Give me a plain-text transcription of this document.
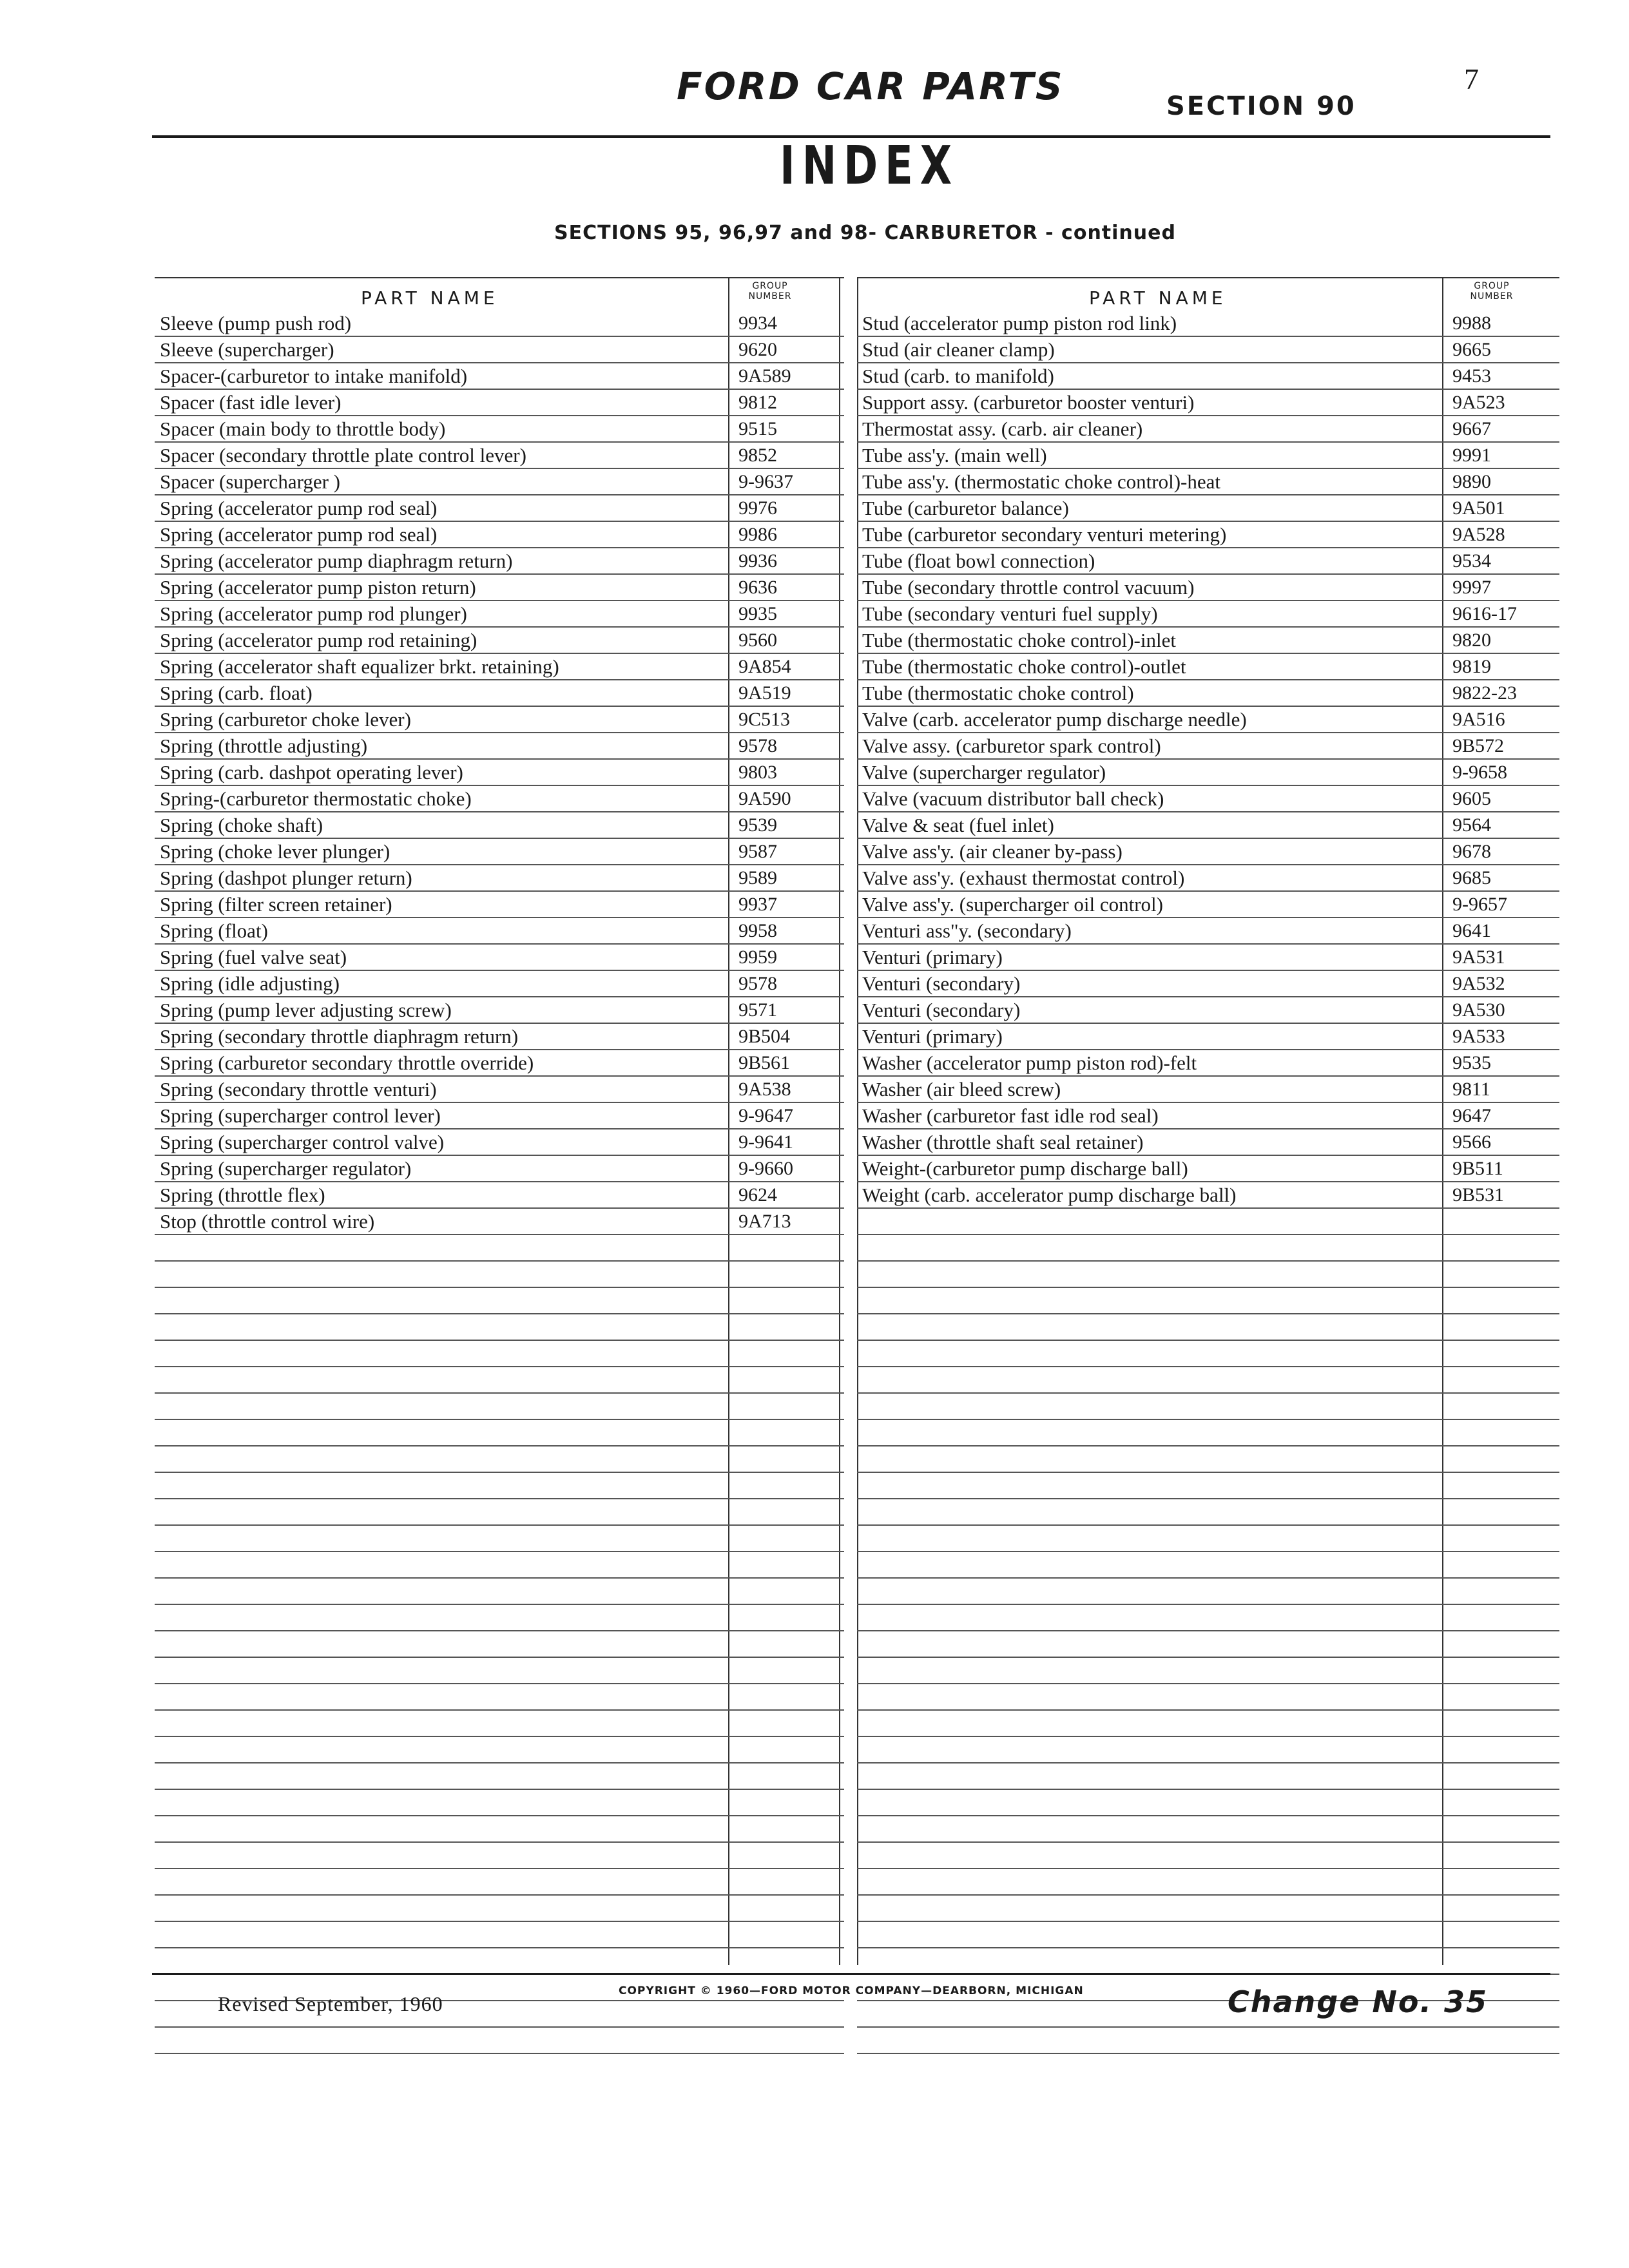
FORD CAR PARTS	SECTION 90
7
INDEX
SECTIONS 95, 96,97 and 98- CARBURETOR - continued
PART NAME
GROUP
NUMBER
Sleeve (pump push rod)	9934
Sleeve (supercharger)	9620
Spacer-(carburetor to intake manifold)	9A589
Spacer (fast idle lever)	9812
Spacer (main body to throttle body)	9515
Spacer (secondary throttle plate control lever)	9852
Spacer (supercharger )	9-9637
Spring (accelerator pump rod seal)	9976
Spring (accelerator pump rod seal)	9986
Spring (accelerator pump diaphragm return)	9936
Spring (accelerator pump piston return)	9636
Spring (accelerator pump rod plunger)	9935
Spring (accelerator pump rod retaining)	9560
Spring (accelerator shaft equalizer brkt. retaining)	9A854
Spring (carb. float)	9A519
Spring (carburetor choke lever)	9C513
Spring (throttle adjusting)	9578
Spring (carb. dashpot operating lever)	9803
Spring-(carburetor thermostatic choke)	9A590
Spring (choke shaft)	9539
Spring (choke lever plunger)	9587
Spring (dashpot plunger return)	9589
Spring (filter screen retainer)	9937
Spring (float)	9958
Spring (fuel valve seat)	9959
Spring (idle adjusting)	9578
Spring (pump lever adjusting screw)	9571
Spring (secondary throttle diaphragm return)	9B504
Spring (carburetor secondary throttle override)	9B561
Spring (secondary throttle venturi)	9A538
Spring (supercharger control lever)	9-9647
Spring (supercharger control valve)	9-9641
Spring (supercharger regulator)	9-9660
Spring (throttle flex)	9624
Stop (throttle control wire)	9A713
PART NAME
GROUP
NUMBER
Stud (accelerator pump piston rod link)	9988
Stud (air cleaner clamp)	9665
Stud (carb. to manifold)	9453
Support assy. (carburetor booster venturi)	9A523
Thermostat assy. (carb. air cleaner)	9667
Tube ass'y. (main well)	9991
Tube ass'y. (thermostatic choke control)-heat	9890
Tube (carburetor balance)	9A501
Tube (carburetor secondary venturi metering)	9A528
Tube (float bowl connection)	9534
Tube (secondary throttle control vacuum)	9997
Tube (secondary venturi fuel supply)	9616-17
Tube (thermostatic choke control)-inlet	9820
Tube (thermostatic choke control)-outlet	9819
Tube (thermostatic choke control)	9822-23
Valve (carb. accelerator pump discharge needle)	9A516
Valve assy. (carburetor spark control)	9B572
Valve (supercharger regulator)	9-9658
Valve (vacuum distributor ball check)	9605
Valve & seat (fuel inlet)	9564
Valve ass'y. (air cleaner by-pass)	9678
Valve ass'y. (exhaust thermostat control)	9685
Valve ass'y. (supercharger oil control)	9-9657
Venturi ass"y. (secondary)	9641
Venturi (primary)	9A531
Venturi (secondary)	9A532
Venturi (secondary)	9A530
Venturi (primary)	9A533
Washer (accelerator pump piston rod)-felt	9535
Washer (air bleed screw)	9811
Washer (carburetor fast idle rod seal)	9647
Washer (throttle shaft seal retainer)	9566
Weight-(carburetor pump discharge ball)	9B511
Weight (carb. accelerator pump discharge ball)	9B531
Revised September, 1960
COPYRIGHT © 1960—FORD MOTOR COMPANY—DEARBORN, MICHIGAN	Change No. 35
